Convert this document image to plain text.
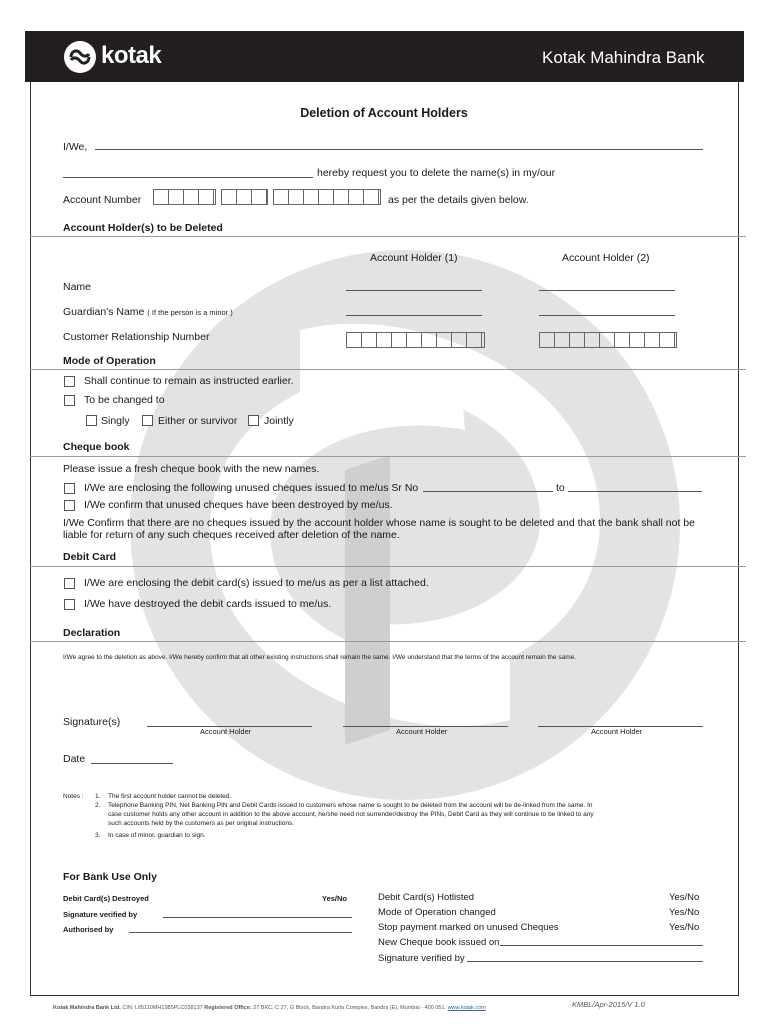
kotak	Kotak Mahindra Bank
Deletion of Account Holders
I/We,
hereby request you to delete the name(s) in my/our
Account Number	as per the details given below.
Account Holder(s) to be Deleted
Account Holder (1)	Account Holder (2)
Name
Guardian's Name ( If the person is a minor )
Customer Relationship Number
Mode of Operation
Shall continue to remain as instructed earlier.
To be changed to
Singly	Either or survivor	Jointly
Cheque book
Please issue a fresh cheque book with the new names.
I/We are enclosing the following unused cheques issued to me/us Sr No	to
I/We confirm that unused cheques have been destroyed by me/us.
I/We Confirm that there are no cheques issued by the account holder whose name is sought to be deleted and that the bank shall not be
liable for return of any such cheques received after deletion of the name.
Debit Card
I/We are enclosing the debit card(s) issued to me/us as per a list attached.
I/We have destroyed the debit cards issued to me/us.
Declaration
I/We agree to the deletion as above. I/We hereby confirm that all other existing instructions shall remain the same. I/We understand that the terms of the account remain the same.
Signature(s)
Account Holder	Account Holder	Account Holder
Date
Notes : 1. The first account holder cannot be deleted.
2. Telephone Banking PIN, Net Banking PIN and Debit Cards issued to customers whose name is sought to be deleted from the account will be de-linked from the same. In
case customer holds any other account in addition to the above account, he/she need not surrender/destroy the PINs, Debit Card as they will continue to be linked to any
such accounts held by the customers as per original instructions.
3. In case of minor, guardian to sign.
For Bank Use Only
Debit Card(s) Destroyed	Yes/No
Signature verified by
Authorised by
Debit Card(s) Hotlisted	Yes/No
Mode of Operation changed	Yes/No
Stop payment marked on unused Cheques	Yes/No
New Cheque book issued on
Signature verified by
Kotak Mahindra Bank Ltd. CIN: L65110MH1985PLC038137 Registered Office: 27 BKC, C 27, G Block, Bandra Kurla Complex, Bandra (E), Mumbai - 400 051. www.kotak.com	KMBL/Apr-2015/V 1.0
